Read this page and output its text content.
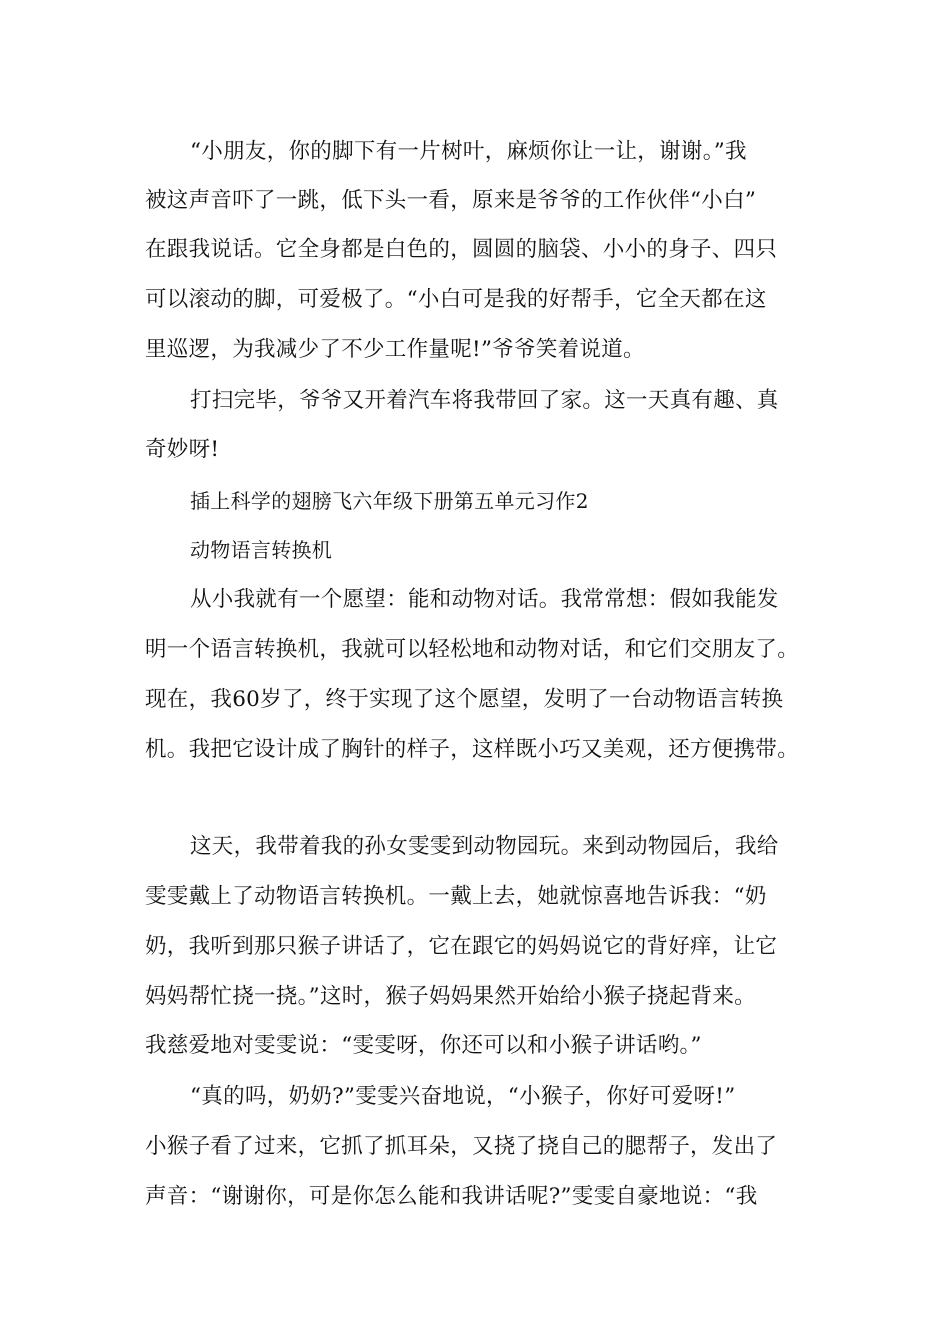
“小朋友，你的脚下有一片树叶，麻烦你让一让，谢谢。”我
被这声音吓了一跳，低下头一看，原来是爷爷的工作伙伴“小白”
在跟我说话。它全身都是白色的，圆圆的脑袋、小小的身子、四只
可以滚动的脚，可爱极了。“小白可是我的好帮手，它全天都在这
里巡逻，为我减少了不少工作量呢!”爷爷笑着说道。
打扫完毕，爷爷又开着汽车将我带回了家。这一天真有趣、真
奇妙呀!
插上科学的翅膀飞六年级下册第五单元习作2
动物语言转换机
从小我就有一个愿望：能和动物对话。我常常想：假如我能发
明一个语言转换机，我就可以轻松地和动物对话，和它们交朋友了。
现在，我60岁了，终于实现了这个愿望，发明了一台动物语言转换
机。我把它设计成了胸针的样子，这样既小巧又美观，还方便携带。
这天，我带着我的孙女雯雯到动物园玩。来到动物园后，我给
雯雯戴上了动物语言转换机。一戴上去，她就惊喜地告诉我：“奶
奶，我听到那只猴子讲话了，它在跟它的妈妈说它的背好痒，让它
妈妈帮忙挠一挠。”这时，猴子妈妈果然开始给小猴子挠起背来。
我慈爱地对雯雯说：“雯雯呀，你还可以和小猴子讲话哟。”
“真的吗，奶奶?”雯雯兴奋地说，“小猴子，你好可爱呀!”
小猴子看了过来，它抓了抓耳朵，又挠了挠自己的腮帮子，发出了
声音：“谢谢你，可是你怎么能和我讲话呢?”雯雯自豪地说：“我
